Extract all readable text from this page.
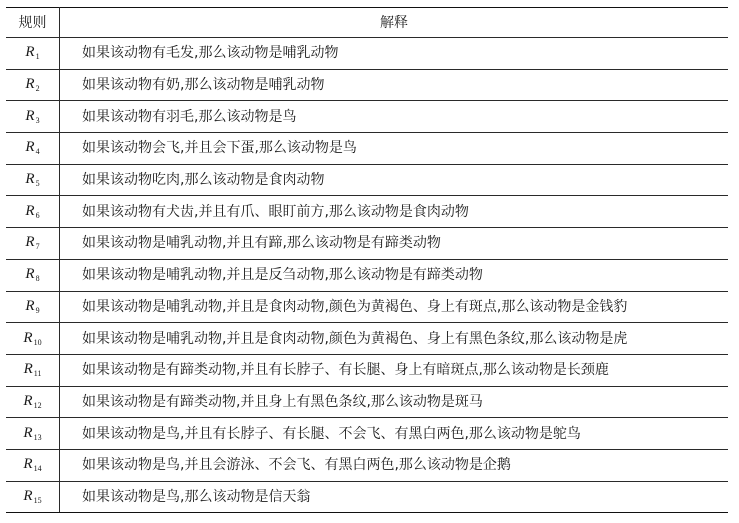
规则	解释
$R_1$	如果该动物有毛发,那么该动物是哺乳动物
$R_2$	如果该动物有奶,那么该动物是哺乳动物
$R_3$	如果该动物有羽毛,那么该动物是鸟
$R_4$	如果该动物会飞,并且会下蛋,那么该动物是鸟
$R_5$	如果该动物吃肉,那么该动物是食肉动物
$R_6$	如果该动物有犬齿,并且有爪、眼盯前方,那么该动物是食肉动物
$R_7$	如果该动物是哺乳动物,并且有蹄,那么该动物是有蹄类动物
$R_8$	如果该动物是哺乳动物,并且是反刍动物,那么该动物是有蹄类动物
$R_9$	如果该动物是哺乳动物,并且是食肉动物,颜色为黄褐色、身上有斑点,那么该动物是金钱豹
$R_{10}$	如果该动物是哺乳动物,并且是食肉动物,颜色为黄褐色、身上有黑色条纹,那么该动物是虎
$R_{11}$	如果该动物是有蹄类动物,并且有长脖子、有长腿、身上有暗斑点,那么该动物是长颈鹿
$R_{12}$	如果该动物是有蹄类动物,并且身上有黑色条纹,那么该动物是斑马
$R_{13}$	如果该动物是鸟,并且有长脖子、有长腿、不会飞、有黑白两色,那么该动物是鸵鸟
$R_{14}$	如果该动物是鸟,并且会游泳、不会飞、有黑白两色,那么该动物是企鹅
$R_{15}$	如果该动物是鸟,那么该动物是信天翁
